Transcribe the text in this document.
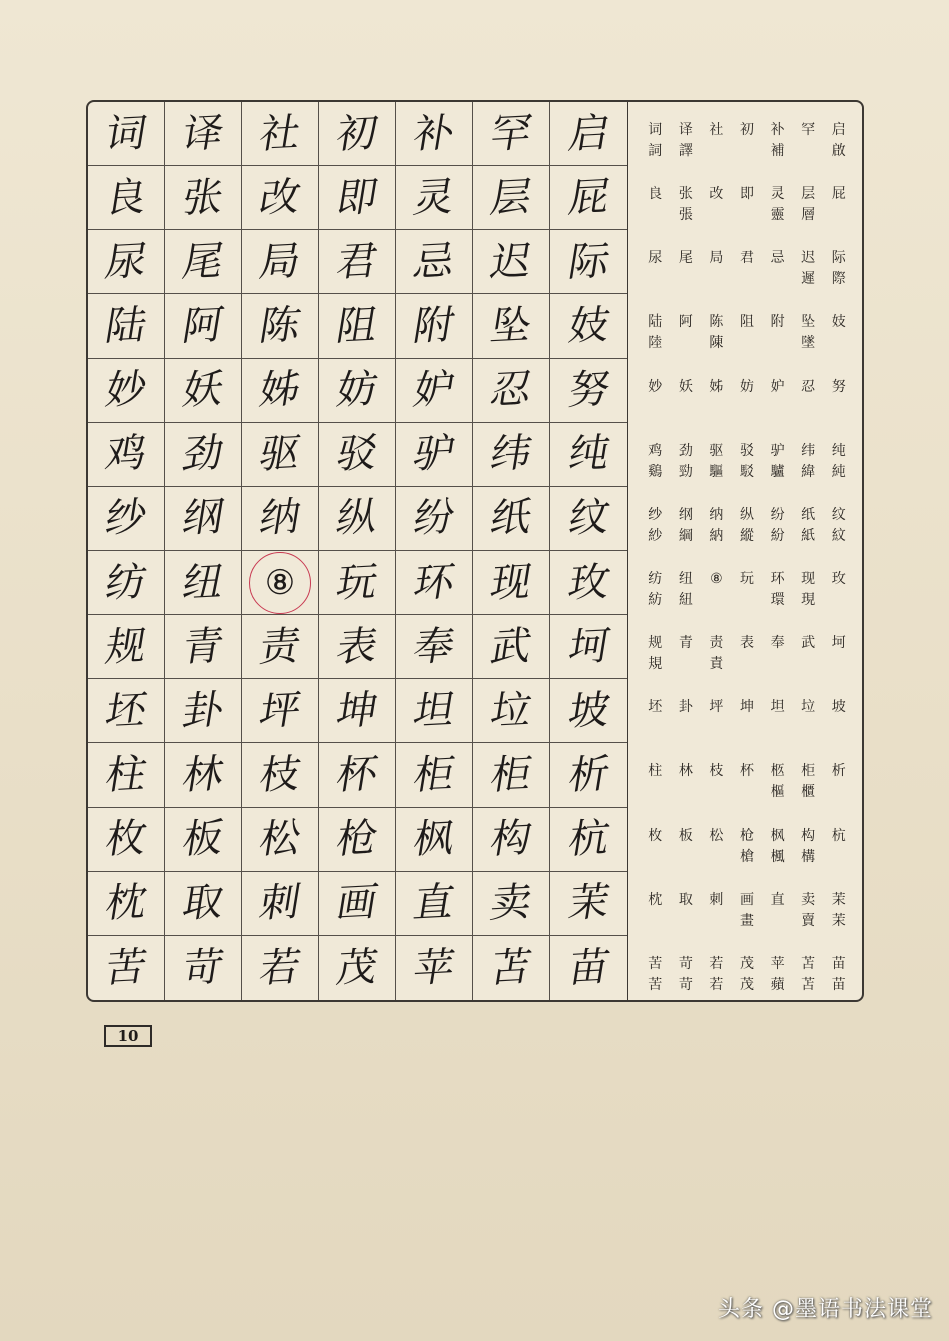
词 译 社 初 补 罕 启
良 张 改 即 灵 层 屁
尿 尾 局 君 忌 迟 际
陆 阿 陈 阻 附 坠 妓
妙 妖 姊 妨 妒 忍 努
鸡 劲 驱 驳 驴 纬 纯
纱 纲 纳 纵 纷 纸 纹
纺 纽 ⑧ 玩 环 现 玫
规 青 责 表 奉 武 坷
坯 卦 坪 坤 坦 垃 坡
柱 林 枝 杯 柜 柜 析
枚 板 松 枪 枫 构 杭
枕 取 刺 画 直 卖 茉
苦 苛 若 茂 苹 苫 苗
词
詞
译
譯
社 初 补
補
罕 启
啟
良 张
張
改 即 灵
靈
层
層
屁
尿 尾 局 君 忌 迟
遲
际
際
陆
陸
阿 陈
陳
阻 附 坠
墜
妓
妙 妖 姊 妨 妒 忍 努
鸡
鷄
劲
勁
驱
驅
驳
駁
驴
驢
纬
緯
纯
純
纱
紗
纲
綱
纳
納
纵
縱
纷
紛
纸
紙
纹
紋
纺
紡
纽
紐
⑧ 玩 环
環
现
現
玫
规
規
青 责
責
表 奉 武 坷
坯 卦 坪 坤 坦 垃 坡
柱 林 枝 杯 柩
樞
柜
櫃
析
枚 板 松 枪
槍
枫
楓
构
構
杭
枕 取 刺 画
畫
直 卖
賣
茉
茉
苦
苦
苛
苛
若
若
茂
茂
苹
蘋
苫
苫
苗
苗
10
头条 @墨语书法课堂
